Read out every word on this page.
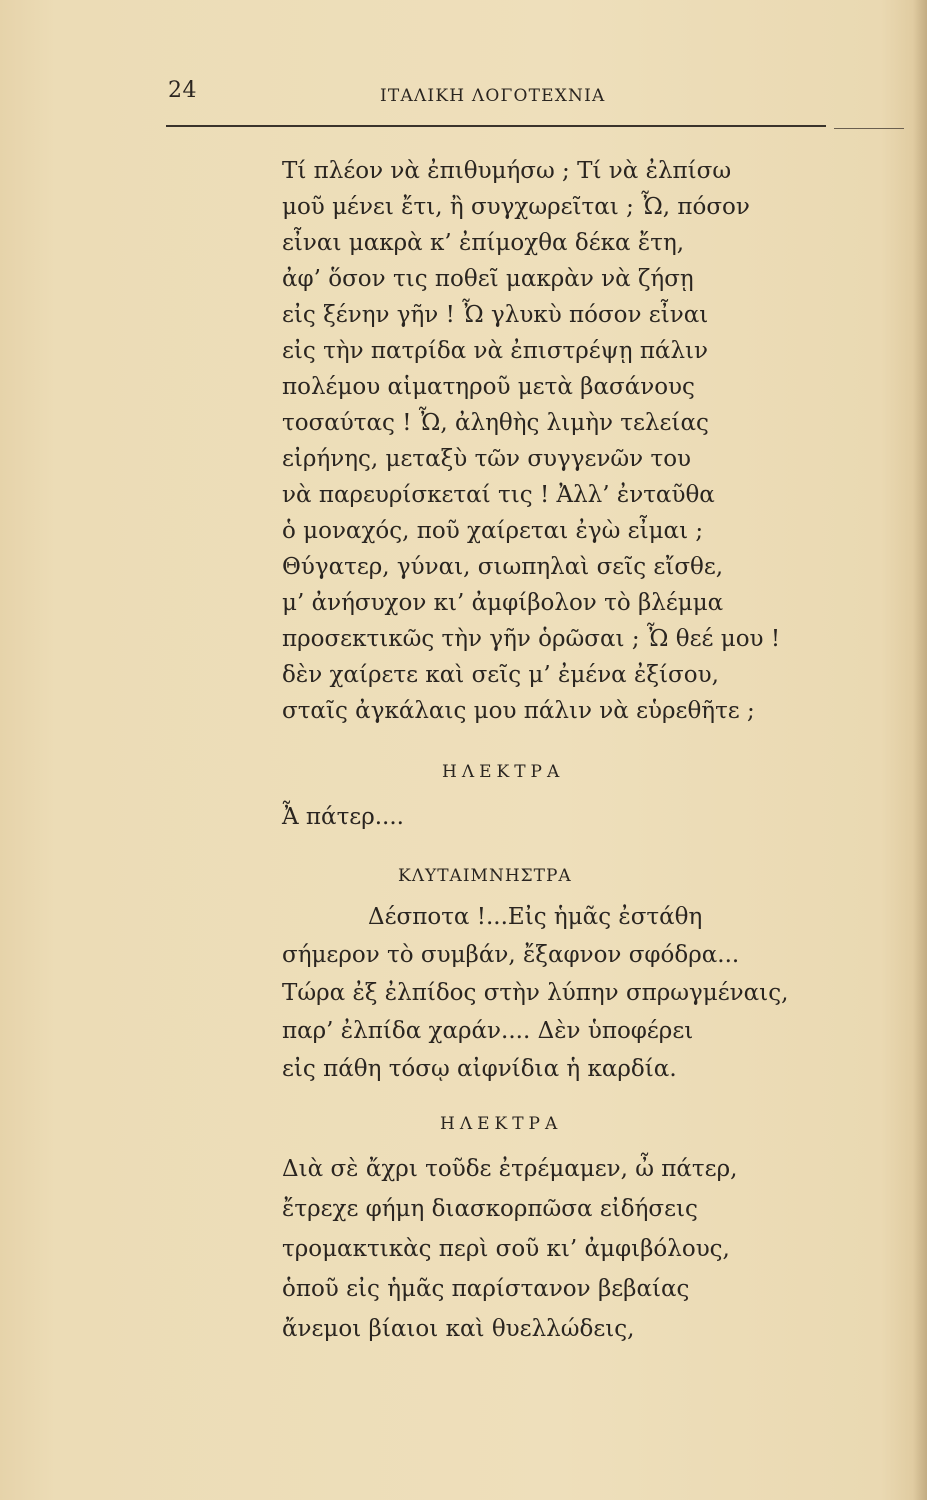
24	ΙΤΑΛΙΚΗ ΛΟΓΟΤΕΧΝΙΑ
Τί πλέον νὰ ἐπιθυμήσω ; Τί νὰ ἐλπίσω
μοῦ μένει ἔτι, ἢ συγχωρεῖται ; Ὦ, πόσον
εἶναι μακρὰ κ’ ἐπίμοχθα δέκα ἔτη,
ἀφ’ ὅσον τις ποθεῖ μακρὰν νὰ ζήσῃ
εἰς ξένην γῆν ! Ὦ γλυκὺ πόσον εἶναι
εἰς τὴν πατρίδα νὰ ἐπιστρέψῃ πάλιν
πολέμου αἱματηροῦ μετὰ βασάνους
τοσαύτας ! Ὦ, ἀληθὴς λιμὴν τελείας
εἰρήνης, μεταξὺ τῶν συγγενῶν του
νὰ παρευρίσκεταί τις ! Ἀλλ’ ἐνταῦθα
ὁ μοναχός, ποῦ χαίρεται ἐγὼ εἶμαι ;
Θύγατερ, γύναι, σιωπηλαὶ σεῖς εἴσθε,
μ’ ἀνήσυχον κι’ ἀμφίβολον τὸ βλέμμα
προσεκτικῶς τὴν γῆν ὁρῶσαι ; Ὦ θεέ μου !
δὲν χαίρετε καὶ σεῖς μ’ ἐμένα ἐξίσου,
σταῖς ἀγκάλαις μου πάλιν νὰ εὑρεθῆτε ;
ΗΛΕΚΤΡΑ
Ἆ πάτερ....
ΚΛΥΤΑΙΜΝΗΣΤΡΑ
Δέσποτα !...Εἰς ἡμᾶς ἐστάθη
σήμερον τὸ συμβάν, ἔξαφνον σφόδρα...
Τώρα ἐξ ἐλπίδος στὴν λύπην σπρωγμέναις,
παρ’ ἐλπίδα χαράν.... Δὲν ὑποφέρει
εἰς πάθη τόσῳ αἰφνίδια ἡ καρδία.
ΗΛΕΚΤΡΑ
Διὰ σὲ ἄχρι τοῦδε ἐτρέμαμεν, ὦ πάτερ,
ἔτρεχε φήμη διασκορπῶσα εἰδήσεις
τρομακτικὰς περὶ σοῦ κι’ ἀμφιβόλους,
ὁποῦ εἰς ἡμᾶς παρίστανον βεβαίας
ἄνεμοι βίαιοι καὶ θυελλώδεις,
